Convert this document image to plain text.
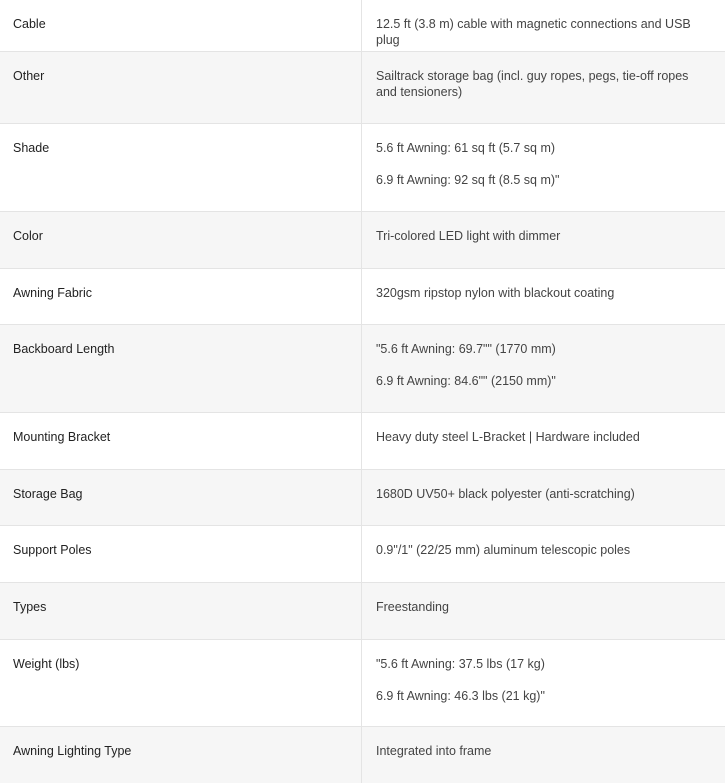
Cable	12.5 ft (3.8 m) cable with magnetic connections and USB plug

Other	Sailtrack storage bag (incl. guy ropes, pegs, tie-off ropes and tensioners)

Shade	5.6 ft Awning: 61 sq ft (5.7 sq m)

6.9 ft Awning: 92 sq ft (8.5 sq m)"

Color	Tri-colored LED light with dimmer

Awning Fabric	320gsm ripstop nylon with blackout coating

Backboard Length	"5.6 ft Awning: 69.7"" (1770 mm)

6.9 ft Awning: 84.6"" (2150 mm)"

Mounting Bracket	Heavy duty steel L-Bracket | Hardware included

Storage Bag	1680D UV50+ black polyester (anti-scratching)

Support Poles	0.9"/1" (22/25 mm) aluminum telescopic poles

Types	Freestanding

Weight (lbs)	"5.6 ft Awning: 37.5 lbs (17 kg)

6.9 ft Awning: 46.3 lbs (21 kg)"

Awning Lighting Type	Integrated into frame
